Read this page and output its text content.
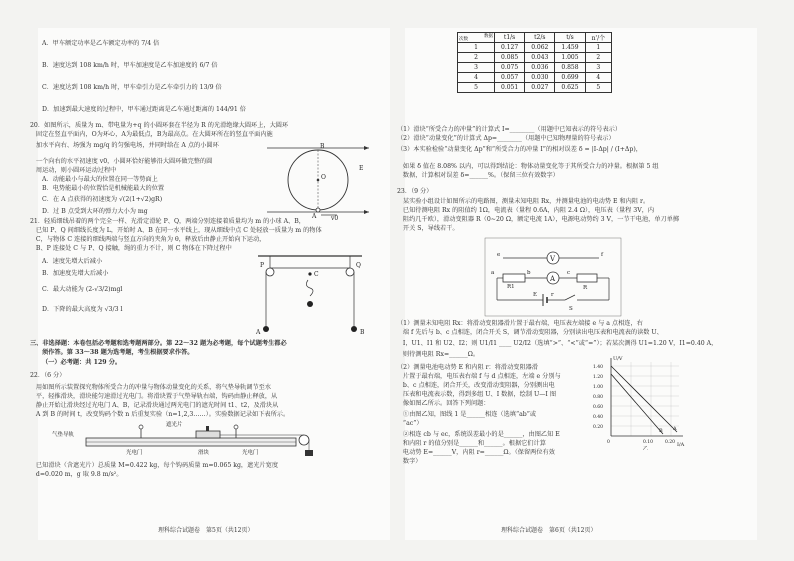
A．甲车额定功率是乙车额定功率的 7/4 倍
B．速度达到 108 km/h 时，甲车加速度是乙车加速度的 6/7 倍
C．速度达到 108 km/h 时，甲车牵引力是乙车牵引力的 13/9 倍
D．加速到最大速度的过程中，甲车通过距离是乙车通过距离的 144/91 倍
20．如图所示，质量为 m、带电量为+q 的小圆环套在半径为 R 的光滑绝缘大圆环上，大圆环
固定在竖直平面内，O为环心，A为最低点，B为最高点。在大圆环所在的竖直平面内施
加水平向右、场强为 mg/q 的匀强电场，并同时给在 A 点的小圆环
一个向右的水平初速度 v0，小圆环恰好能够沿大圆环做完整的圆
周运动，则小圆环运动过程中
A．动能最小与最大的位置在同一等势面上
B．电势能最小的位置恰是机械能最大的位置
C．在 A 点获得的初速度为 √(2(1+√2)gR)
D．过 B 点受到大环的弹力大小为 mg
O
B
A
E
v0
21．轻质细线吊着的两个完全一样、光滑定滑轮 P、Q，两端分别连接着质量均为 m 的小球 A、B，
已知 P、Q 间细线长度为 L，开始时 A、B 在同一水平线上，现从细线中点 C 处轻放一质量为 m 的物体
C，与物体 C 连接的细线两端与竖直方向的夹角为 θ，释放后由静止开始向下运动，
B、P 连接处 C 与 P、Q 接触，绳的重力不计，则 C 物体在下降过程中
A．速度先增大后减小
B．加速度先增大后减小
C．最大动能为 (2-√3/2)mgl
D．下降的最大高度为 √3/3 l
P	Q
C
A	B
三、非选择题：本卷包括必考题和选考题两部分。第 22～32 题为必考题，每个试题考生都必
须作答。第 33～38 题为选考题，考生根据要求作答。
（一）必考题：共 129 分。
22．（6 分）
用如图所示装置探究物体所受合力的冲量与物体动量变化的关系，将气垫导轨调节至水
平，轻推滑块，滑块能匀速滑过光电门。将滑块置于气垫导轨右端，钩码由静止释放，从
静止开始让滑块经过光电门 A、B，记录滑块通过两光电门的遮光时间 t1、t2，及滑块从
A 到 B 的时间 t，改变钩码个数 n 后重复实验（n=1,2,3……）。实验数据记录如下表所示。
气垫导轨
滑块
遮光片
光电门	光电门
已知滑块（含遮光片）总质量 M=0.422 kg，每个钩码质量 m=0.065 kg，遮光片宽度
d=0.020 m，g 取 9.8 m/s²。
理科综合试题卷　第5页（共12页）
数据
次数	t1/s	t2/s	t/s	n'/个
1	0.127	0.062	1.459	1
2	0.085	0.043	1.005	2
3	0.075	0.036	0.858	3
4	0.057	0.030	0.699	4
5	0.051	0.027	0.625	5
（1）滑块“所受合力的冲量”的计算式 I=________（用题中已知表示的符号表示）
（2）滑块“动量变化”的计算式 Δp=________（用题中已知物理量的符号表示）
（3）本实验检验“动量变化 Δp”和“所受合力的冲量 I”的相对误差 δ = |I-Δp| / (I+Δp)，
如果 δ 值在 8.08% 以内，可以得到结论：物体动量变化等于其所受合力的冲量。根据第 5 组
数据，计算相对误差 δ=______%。（保留三位有效数字）
23．（9 分）
某实验小组设计如图所示的电路图，测量未知电阻 Rx，并测量电池的电动势 E 和内阻 r。
已知待测电阻 Rx 的阻值约 1Ω，电流表（量程 0.6A，内阻 2.4 Ω），电压表（量程 3V，内
阻约几千欧），滑动变阻器 R（0~20 Ω，额定电流 1A），电源电动势约 3 V，一节干电池，单刀单掷
开关 S，导线若干。
V
A
R1	R
E	r
S
e	f
a	b	c
（1）测量未知电阻 Rx：将滑动变阻器滑片置于最右端，电压表左端接 e 与 a 点相连，右
端 f 先后与 b、c 点相连，闭合开关 S，调节滑动变阻器，分别读出电压表和电流表的读数 U、
I，U1、I1 和 U2、I2；则 U1/I1 ____ U2/I2（选填“>”、“<”或“=”）；若某次测得 U1=1.20 V，I1=0.40 A，
则待测电阻 Rx=______Ω。
（2）测量电池电动势 E 和内阻 r：将滑动变阻器滑
片置于最右端，电压表右端 f 与 d 点相连，左端 e 分别与
b、c 点相连，闭合开关，改变滑动变阻器，分别测出电
压表和电流表示数，得到多组 U、I 数据，绘制 U—I 图
像如图乙所示。回答下列问题：
①由图乙知，图线 1 是______相连（选填“ab”或
“ac”）
②相连 cb 与 ec，系统误差最小的是______，由图乙知 E
和内阻 r 的值分别是______和______。根据它们计算
电动势 E=______V，内阻 r=______Ω。（保留两位有效
数字）
U/V
I/A
1.40
1.20
1.00
0.80
0.60
0.40
0.20
0	0.10	0.20
A
B
乙
理科综合试题卷　第6页（共12页）
